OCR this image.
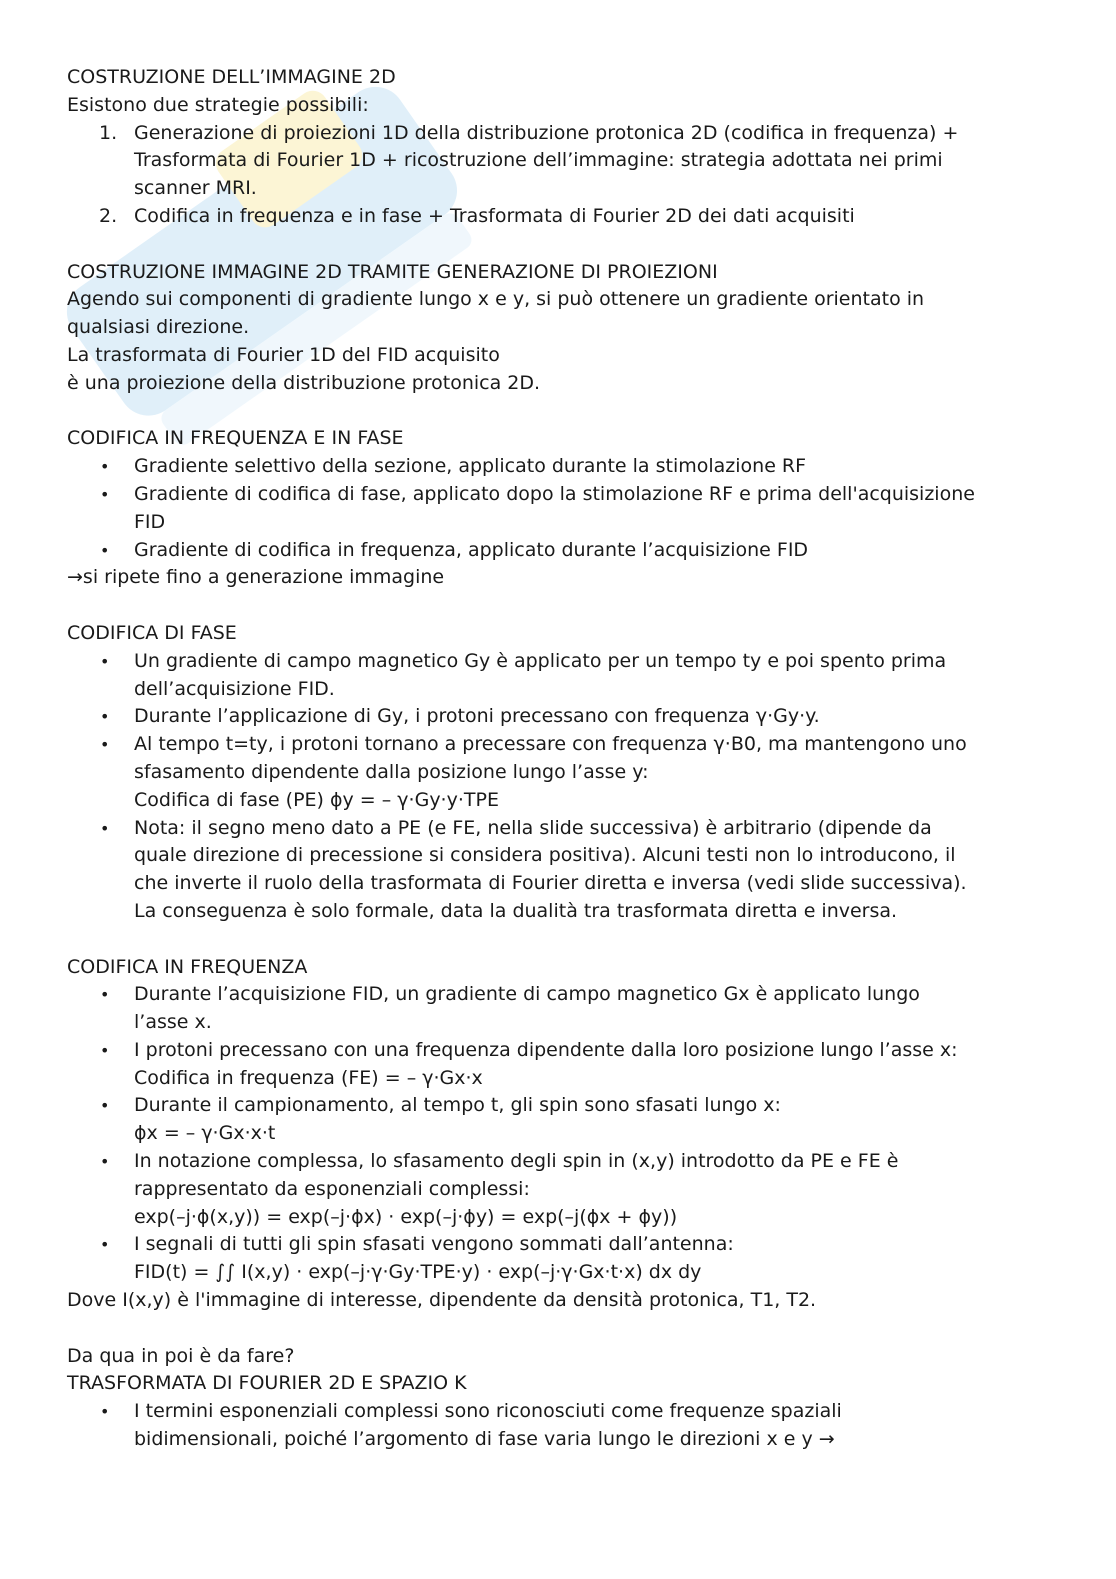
COSTRUZIONE DELL’IMMAGINE 2D
Esistono due strategie possibili:
1. Generazione di proiezioni 1D della distribuzione protonica 2D (codifica in frequenza) +
Trasformata di Fourier 1D + ricostruzione dell’immagine: strategia adottata nei primi
scanner MRI.
2. Codifica in frequenza e in fase + Trasformata di Fourier 2D dei dati acquisiti
COSTRUZIONE IMMAGINE 2D TRAMITE GENERAZIONE DI PROIEZIONI
Agendo sui componenti di gradiente lungo x e y, si può ottenere un gradiente orientato in
qualsiasi direzione.
La trasformata di Fourier 1D del FID acquisito
è una proiezione della distribuzione protonica 2D.
CODIFICA IN FREQUENZA E IN FASE
• Gradiente selettivo della sezione, applicato durante la stimolazione RF
• Gradiente di codifica di fase, applicato dopo la stimolazione RF e prima dell'acquisizione
FID
• Gradiente di codifica in frequenza, applicato durante l’acquisizione FID
→si ripete fino a generazione immagine
CODIFICA DI FASE
• Un gradiente di campo magnetico Gy è applicato per un tempo ty e poi spento prima
dell’acquisizione FID.
• Durante l’applicazione di Gy, i protoni precessano con frequenza γ·Gy·y.
• Al tempo t=ty, i protoni tornano a precessare con frequenza γ·B0, ma mantengono uno
sfasamento dipendente dalla posizione lungo l’asse y:
Codifica di fase (PE) ϕy = – γ·Gy·y·TPE
• Nota: il segno meno dato a PE (e FE, nella slide successiva) è arbitrario (dipende da
quale direzione di precessione si considera positiva). Alcuni testi non lo introducono, il
che inverte il ruolo della trasformata di Fourier diretta e inversa (vedi slide successiva).
La conseguenza è solo formale, data la dualità tra trasformata diretta e inversa.
CODIFICA IN FREQUENZA
• Durante l’acquisizione FID, un gradiente di campo magnetico Gx è applicato lungo
l’asse x.
• I protoni precessano con una frequenza dipendente dalla loro posizione lungo l’asse x:
Codifica in frequenza (FE) = – γ·Gx·x
• Durante il campionamento, al tempo t, gli spin sono sfasati lungo x:
ϕx = – γ·Gx·x·t
• In notazione complessa, lo sfasamento degli spin in (x,y) introdotto da PE e FE è
rappresentato da esponenziali complessi:
exp(–j·ϕ(x,y)) = exp(–j·ϕx) · exp(–j·ϕy) = exp(–j(ϕx + ϕy))
• I segnali di tutti gli spin sfasati vengono sommati dall’antenna:
FID(t) = ∫∫ I(x,y) · exp(–j·γ·Gy·TPE·y) · exp(–j·γ·Gx·t·x) dx dy
Dove I(x,y) è l'immagine di interesse, dipendente da densità protonica, T1, T2.
Da qua in poi è da fare?
TRASFORMATA DI FOURIER 2D E SPAZIO K
• I termini esponenziali complessi sono riconosciuti come frequenze spaziali
bidimensionali, poiché l’argomento di fase varia lungo le direzioni x e y →
